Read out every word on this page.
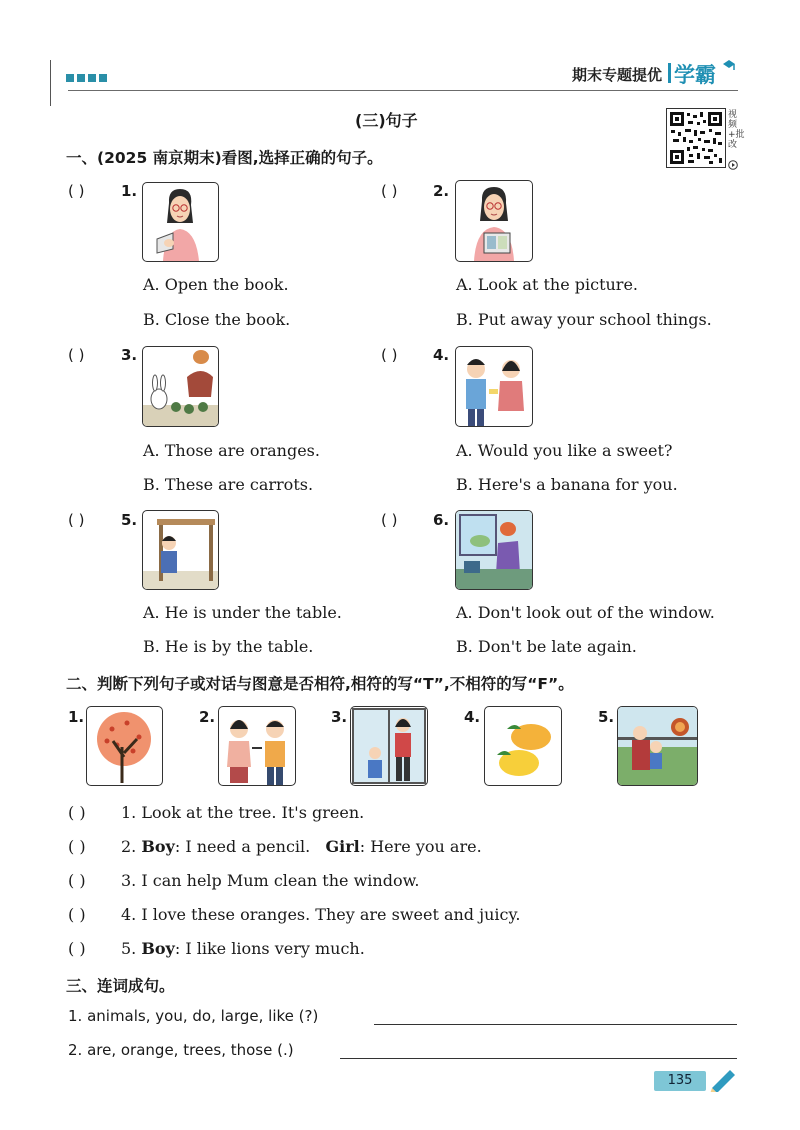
期末专题提优 学霸
视频+批改
(三)句子
一、(2025 南京期末)看图,选择正确的句子。
( ) 1.
A. Open the book.
B. Close the book.
( ) 2.
A. Look at the picture.
B. Put away your school things.
( ) 3.
A. Those are oranges.
B. These are carrots.
( ) 4.
A. Would you like a sweet?
B. Here's a banana for you.
( ) 5.
A. He is under the table.
B. He is by the table.
( ) 6.
A. Don't look out of the window.
B. Don't be late again.
二、判断下列句子或对话与图意是否相符,相符的写“T”,不相符的写“F”。
1.	2.	3.	4.	5.
( ) 1. Look at the tree. It's green.
( ) 2. Boy: I need a pencil. Girl: Here you are.
( ) 3. I can help Mum clean the window.
( ) 4. I love these oranges. They are sweet and juicy.
( ) 5. Boy: I like lions very much.
三、连词成句。
1. animals, you, do, large, like (?)
2. are, orange, trees, those (.)
135
